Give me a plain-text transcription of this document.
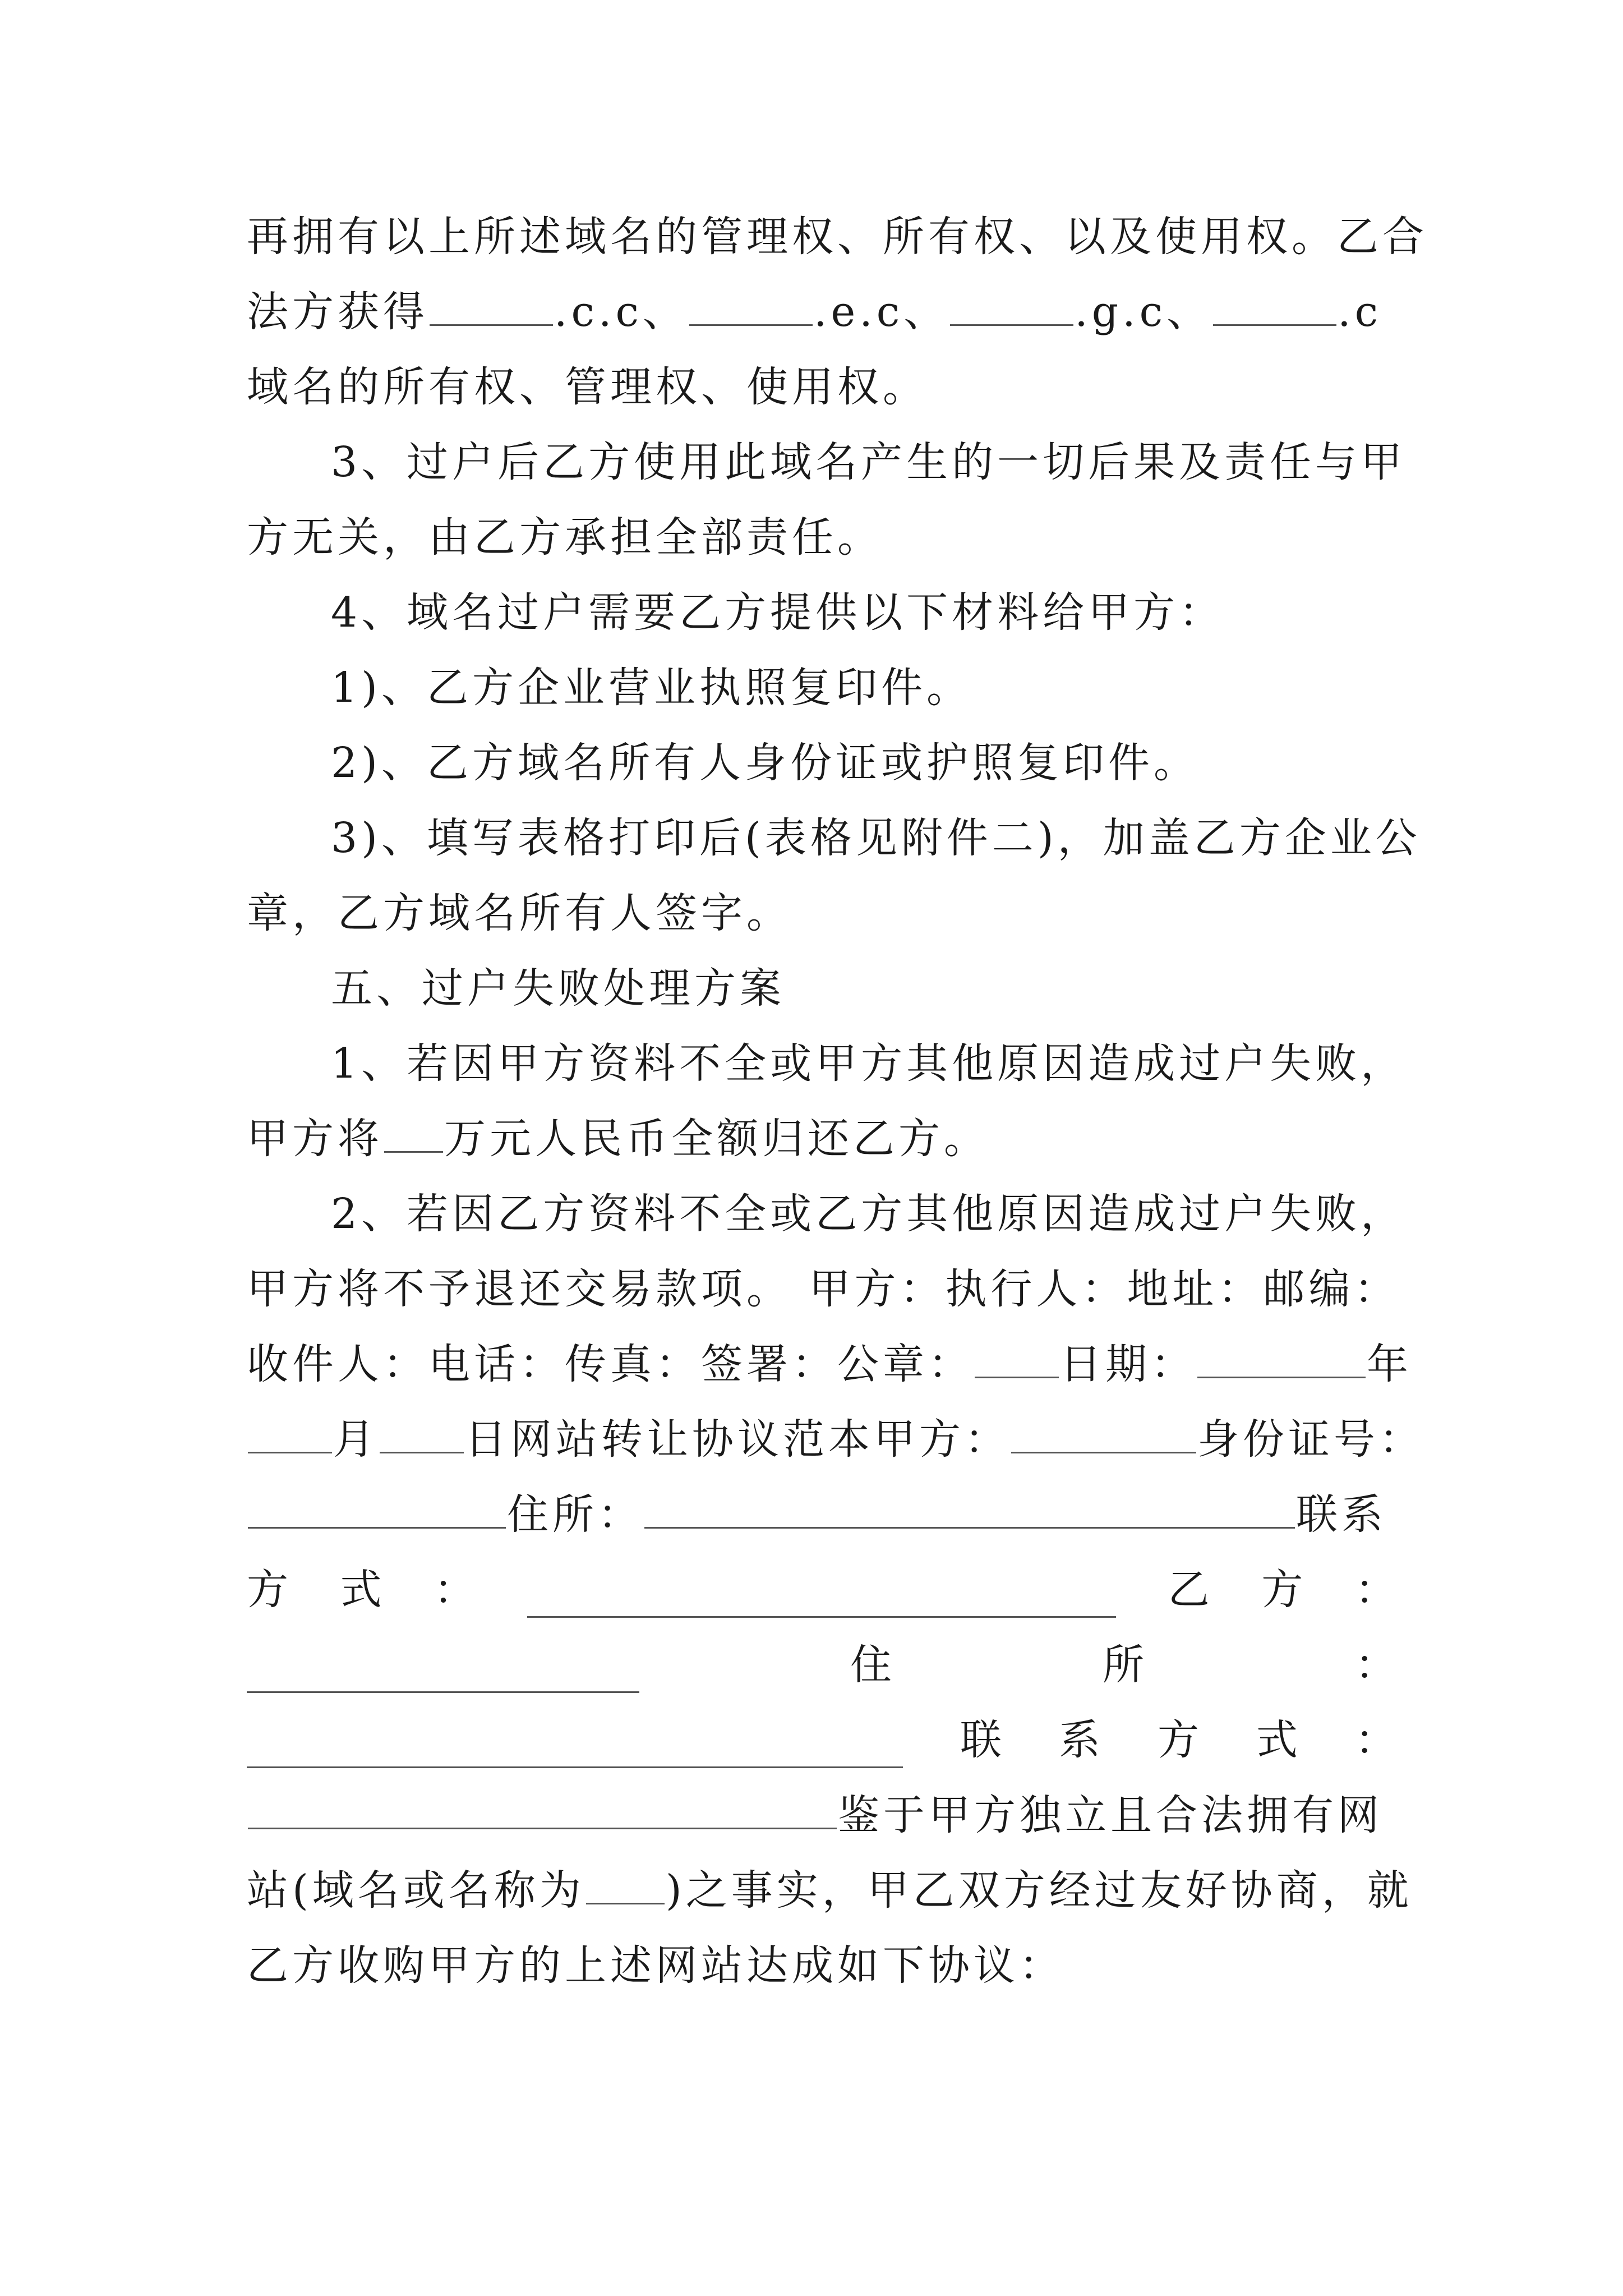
再拥有以上所述域名的管理权、所有权、以及使用权。乙合
法方获得	.c.c、	.e.c、	.g.c、	.c
域名的所有权、管理权、使用权。
3、过户后乙方使用此域名产生的一切后果及责任与甲
方无关，由乙方承担全部责任。
4、域名过户需要乙方提供以下材料给甲方：
1)、乙方企业营业执照复印件。
2)、乙方域名所有人身份证或护照复印件。
3)、填写表格打印后(表格见附件二)，加盖乙方企业公
章，乙方域名所有人签字。
五、过户失败处理方案
1、若因甲方资料不全或甲方其他原因造成过户失败，
甲方将 万元人民币全额归还乙方。
2、若因乙方资料不全或乙方其他原因造成过户失败，
甲方将不予退还交易款项。 甲方：执行人：地址：邮编：
收件人：电话：传真：签署：公章： 日期：	年
月 日网站转让协议范本甲方：	身份证号：
住所：	联系
方 式 ：	乙 方 ：
住	所	：
联 系 方 式 ：
鉴于甲方独立且合法拥有网
站(域名或名称为 )之事实，甲乙双方经过友好协商，就
乙方收购甲方的上述网站达成如下协议：
